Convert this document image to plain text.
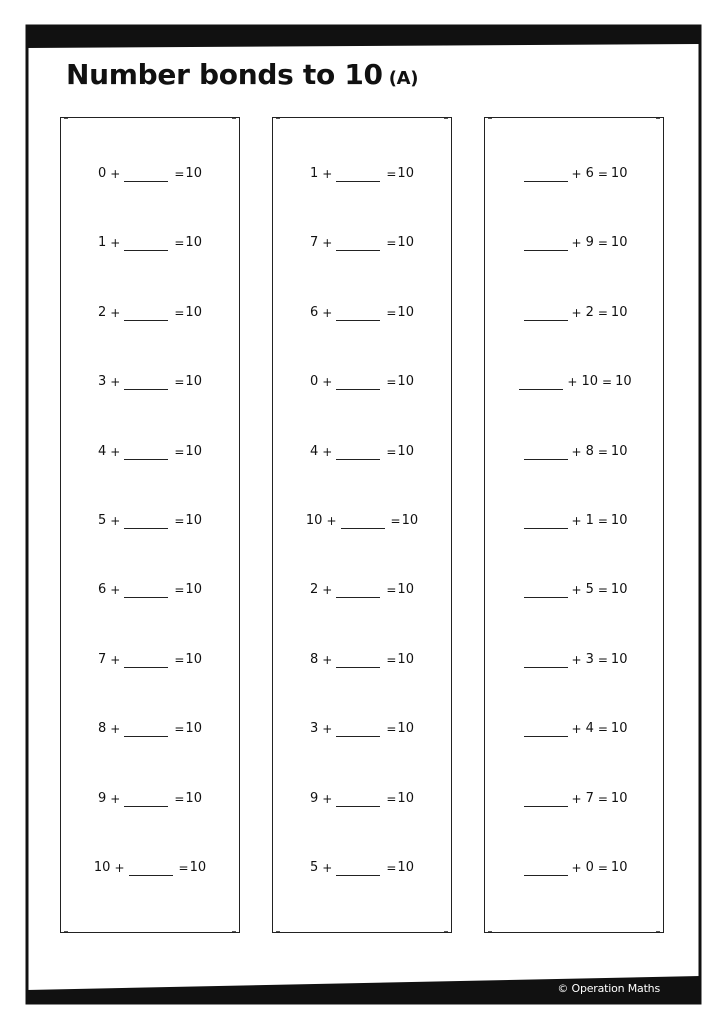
Number bonds to 10 (A)
0 +	= 10
1 +	= 10
2 +	= 10
3 +	= 10
4 +	= 10
5 +	= 10
6 +	= 10
7 +	= 10
8 +	= 10
9 +	= 10
10 +	= 10
1 +	= 10
7 +	= 10
6 +	= 10
0 +	= 10
4 +	= 10
10 +	= 10
2 +	= 10
8 +	= 10
3 +	= 10
9 +	= 10
5 +	= 10
+ 6 = 10
+ 9 = 10
+ 2 = 10
+ 10 = 10
+ 8 = 10
+ 1 = 10
+ 5 = 10
+ 3 = 10
+ 4 = 10
+ 7 = 10
+ 0 = 10
© Operation Maths
